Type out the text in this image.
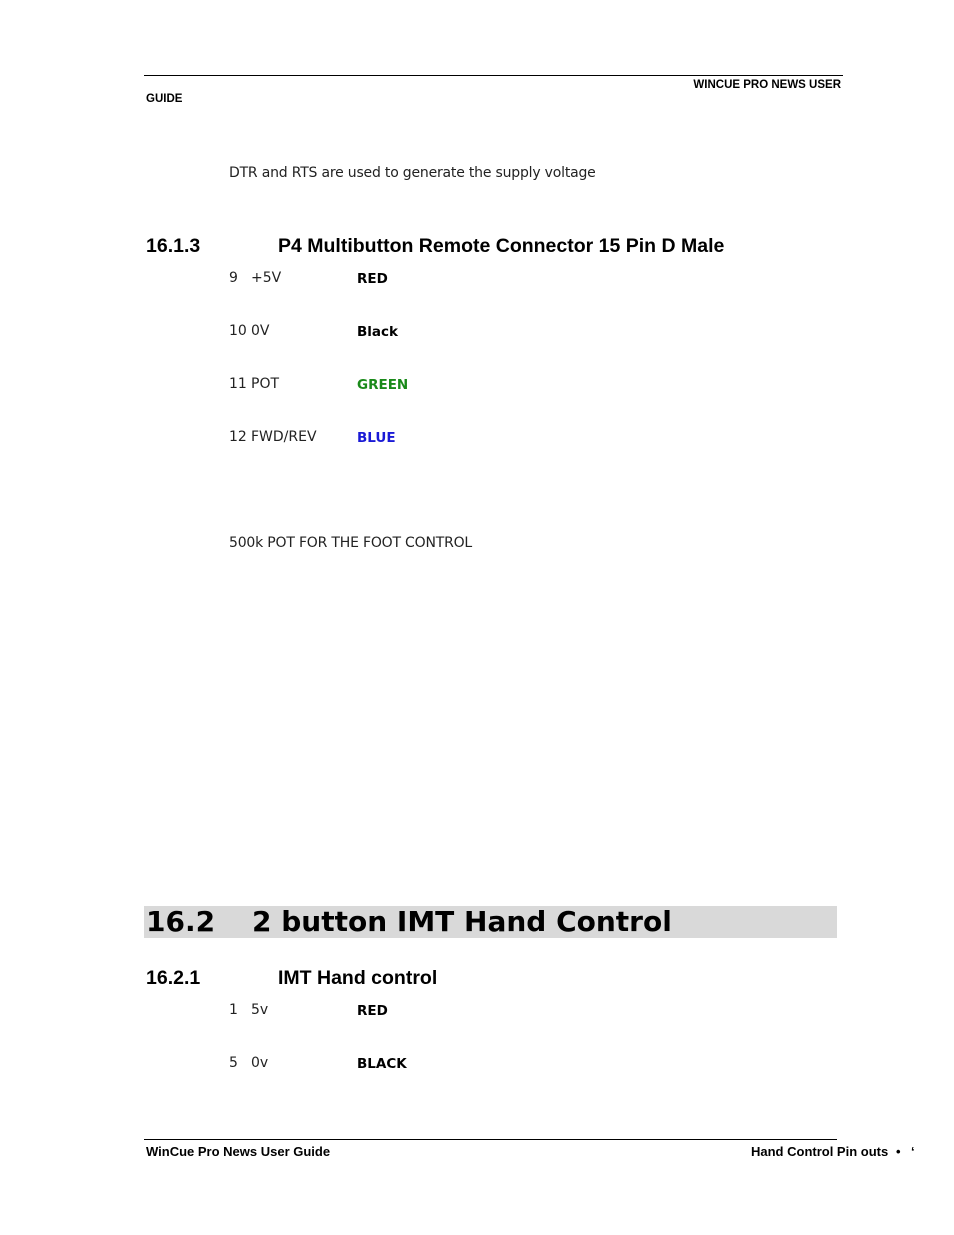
WINCUE PRO NEWS USER
GUIDE
DTR and RTS are used to generate the supply voltage
16.1.3	P4 Multibutton Remote Connector 15 Pin D Male
9 +5V	RED
10 0V	Black
11 POT	GREEN
12 FWD/REV	BLUE
500k POT FOR THE FOOT CONTROL
16.2 2 button IMT Hand Control
16.2.1	IMT Hand control
1 5v	RED
5 0v	BLACK
WinCue Pro News User Guide	Hand Control Pin outs • ‘
